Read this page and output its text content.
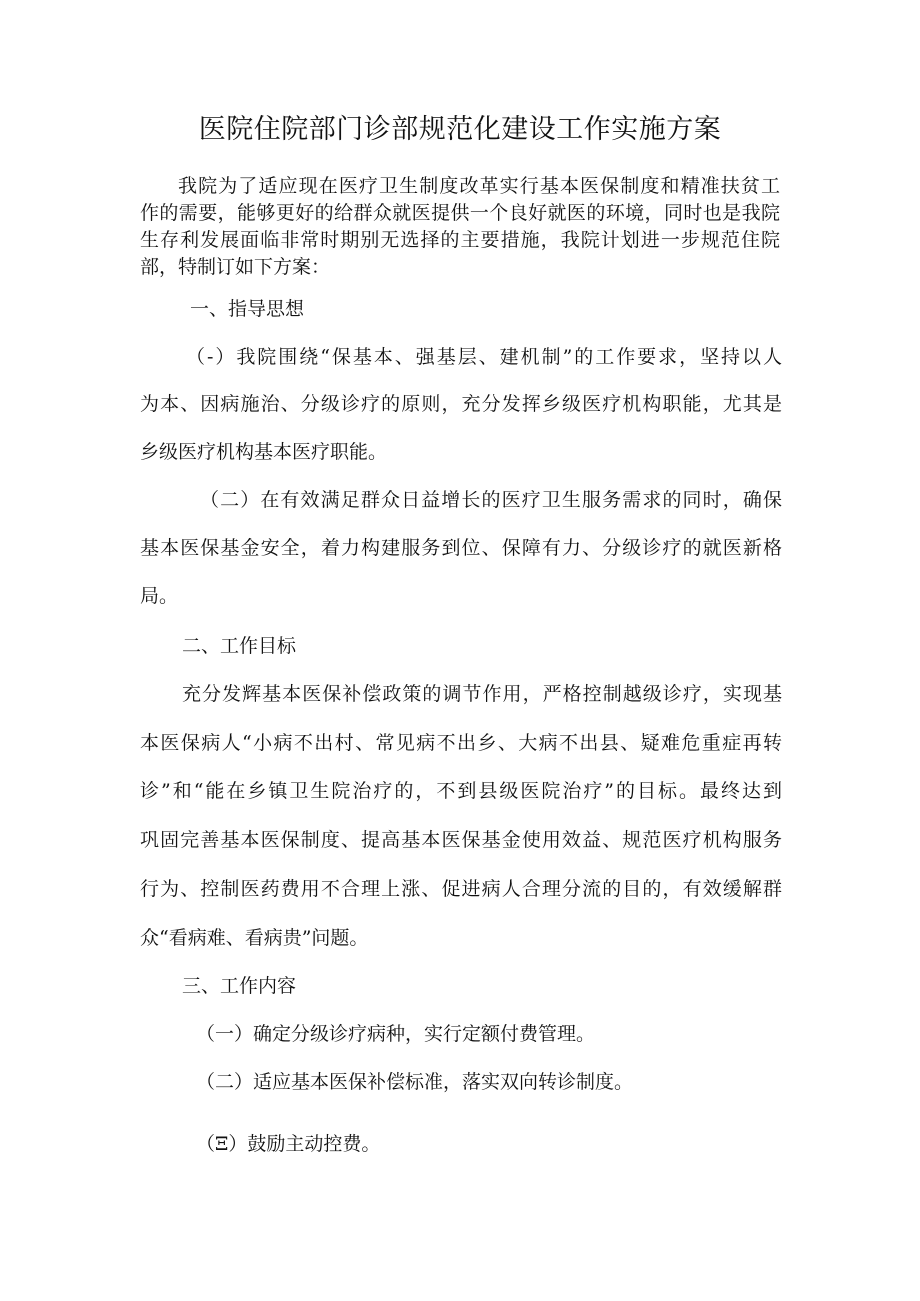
医院住院部门诊部规范化建设工作实施方案
我院为了适应现在医疗卫生制度改革实行基本医保制度和精准扶贫工
作的需要，能够更好的给群众就医提供一个良好就医的环境，同时也是我院
生存利发展面临非常时期别无选择的主要措施，我院计划进一步规范住院
部，特制订如下方案：
一、指导思想
（-）我院围绕“保基本、强基层、建机制”的工作要求，坚持以人
为本、因病施治、分级诊疗的原则，充分发挥乡级医疗机构职能，尤其是
乡级医疗机构基本医疗职能。
（二）在有效满足群众日益增长的医疗卫生服务需求的同时，确保
基本医保基金安全，着力构建服务到位、保障有力、分级诊疗的就医新格
局。
二、工作目标
充分发辉基本医保补偿政策的调节作用，严格控制越级诊疗，实现基
本医保病人“小病不出村、常见病不出乡、大病不出县、疑难危重症再转
诊”和“能在乡镇卫生院治疗的，不到县级医院治疗”的目标。最终达到
巩固完善基本医保制度、提高基本医保基金使用效益、规范医疗机构服务
行为、控制医药费用不合理上涨、促进病人合理分流的目的，有效缓解群
众“看病难、看病贵”问题。
三、工作内容
（一）确定分级诊疗病种，实行定额付费管理。
（二）适应基本医保补偿标准，落实双向转诊制度。
（Ξ）鼓励主动控费。
